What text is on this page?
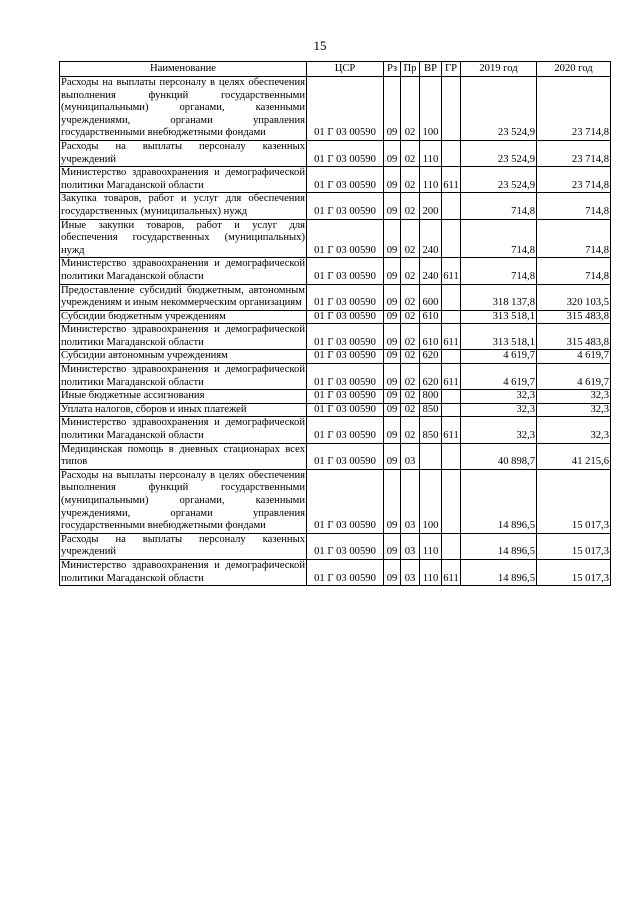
15
Наименование	ЦСР	Рз	Пр	ВР	ГР	2019 год	2020 год
Расходы на выплаты персоналу в целях обеспечения выполнения функций государственными (муниципальными) органами, казенными учреждениями, органами управления государственными внебюджетными фондами	01 Г 03 00590	09	02	100		23 524,9	23 714,8
Расходы на выплаты персоналу казенных учреждений	01 Г 03 00590	09	02	110		23 524,9	23 714,8
Министерство здравоохранения и демографической политики Магаданской области	01 Г 03 00590	09	02	110	611	23 524,9	23 714,8
Закупка товаров, работ и услуг для обеспечения государственных (муниципальных) нужд	01 Г 03 00590	09	02	200		714,8	714,8
Иные закупки товаров, работ и услуг для обеспечения государственных (муниципальных) нужд	01 Г 03 00590	09	02	240		714,8	714,8
Министерство здравоохранения и демографической политики Магаданской области	01 Г 03 00590	09	02	240	611	714,8	714,8
Предоставление субсидий бюджетным, автономным учреждениям и иным некоммерческим организациям	01 Г 03 00590	09	02	600		318 137,8	320 103,5
Субсидии бюджетным учреждениям	01 Г 03 00590	09	02	610		313 518,1	315 483,8
Министерство здравоохранения и демографической политики Магаданской области	01 Г 03 00590	09	02	610	611	313 518,1	315 483,8
Субсидии автономным учреждениям	01 Г 03 00590	09	02	620		4 619,7	4 619,7
Министерство здравоохранения и демографической политики Магаданской области	01 Г 03 00590	09	02	620	611	4 619,7	4 619,7
Иные бюджетные ассигнования	01 Г 03 00590	09	02	800		32,3	32,3
Уплата налогов, сборов и иных платежей	01 Г 03 00590	09	02	850		32,3	32,3
Министерство здравоохранения и демографической политики Магаданской области	01 Г 03 00590	09	02	850	611	32,3	32,3
Медицинская помощь в дневных стационарах всех типов	01 Г 03 00590	09	03			40 898,7	41 215,6
Расходы на выплаты персоналу в целях обеспечения выполнения функций государственными (муниципальными) органами, казенными учреждениями, органами управления государственными внебюджетными фондами	01 Г 03 00590	09	03	100		14 896,5	15 017,3
Расходы на выплаты персоналу казенных учреждений	01 Г 03 00590	09	03	110		14 896,5	15 017,3
Министерство здравоохранения и демографической политики Магаданской области	01 Г 03 00590	09	03	110	611	14 896,5	15 017,3
